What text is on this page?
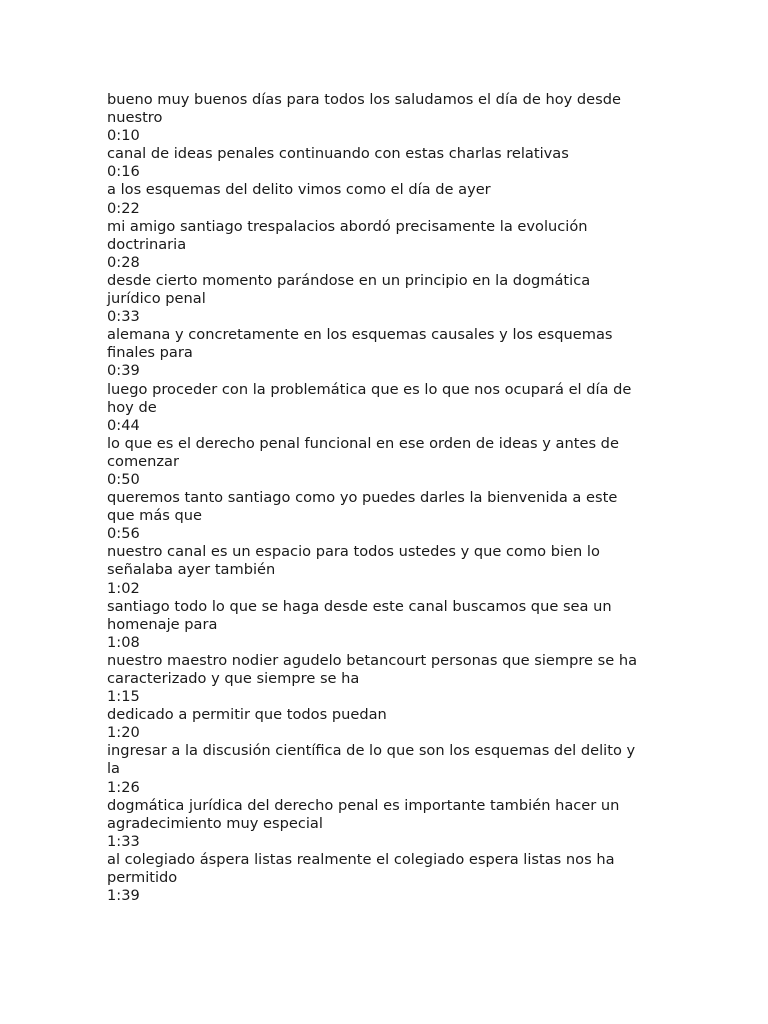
bueno muy buenos días para todos los saludamos el día de hoy desde
nuestro
0:10
canal de ideas penales continuando con estas charlas relativas
0:16
a los esquemas del delito vimos como el día de ayer
0:22
mi amigo santiago trespalacios abordó precisamente la evolución
doctrinaria
0:28
desde cierto momento parándose en un principio en la dogmática
jurídico penal
0:33
alemana y concretamente en los esquemas causales y los esquemas
finales para
0:39
luego proceder con la problemática que es lo que nos ocupará el día de
hoy de
0:44
lo que es el derecho penal funcional en ese orden de ideas y antes de
comenzar
0:50
queremos tanto santiago como yo puedes darles la bienvenida a este
que más que
0:56
nuestro canal es un espacio para todos ustedes y que como bien lo
señalaba ayer también
1:02
santiago todo lo que se haga desde este canal buscamos que sea un
homenaje para
1:08
nuestro maestro nodier agudelo betancourt personas que siempre se ha
caracterizado y que siempre se ha
1:15
dedicado a permitir que todos puedan
1:20
ingresar a la discusión científica de lo que son los esquemas del delito y
la
1:26
dogmática jurídica del derecho penal es importante también hacer un
agradecimiento muy especial
1:33
al colegiado áspera listas realmente el colegiado espera listas nos ha
permitido
1:39
